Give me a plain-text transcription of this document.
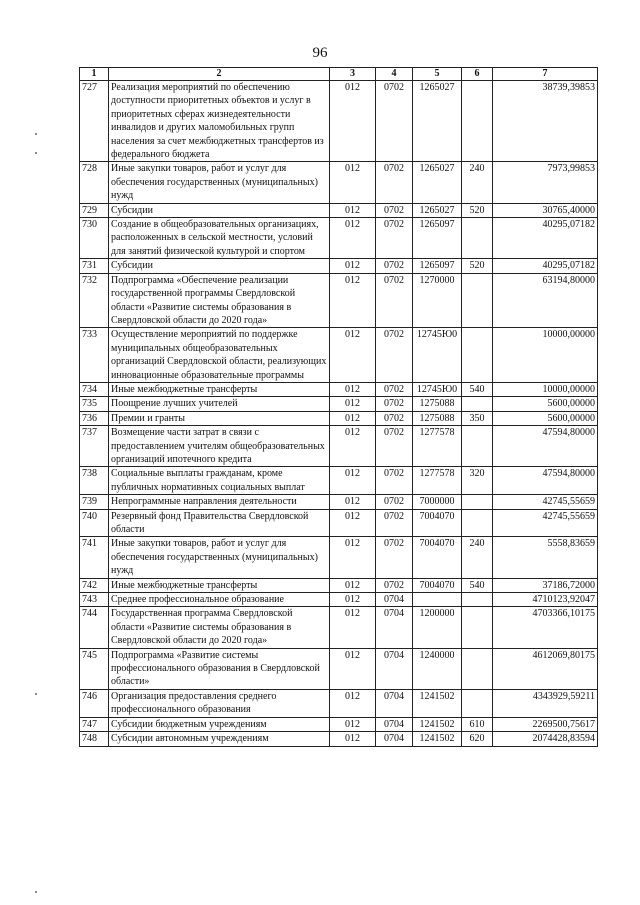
96
1	2	3	4	5	6	7
727	Реализация мероприятий по обеспечению доступности приоритетных объектов и услуг в приоритетных сферах жизнедеятельности инвалидов и других маломобильных групп населения за счет межбюджетных трансфертов из федерального бюджета	012	0702	1265027		38739,39853
728	Иные закупки товаров, работ и услуг для обеспечения государственных (муниципальных) нужд	012	0702	1265027	240	7973,99853
729	Субсидии	012	0702	1265027	520	30765,40000
730	Создание в общеобразовательных организациях, расположенных в сельской местности, условий для занятий физической культурой и спортом	012	0702	1265097		40295,07182
731	Субсидии	012	0702	1265097	520	40295,07182
732	Подпрограмма «Обеспечение реализации государственной программы Свердловской области «Развитие системы образования в Свердловской области до 2020 года»	012	0702	1270000		63194,80000
733	Осуществление мероприятий по поддержке муниципальных общеобразовательных организаций Свердловской области, реализующих инновационные образовательные программы	012	0702	12745Ю0		10000,00000
734	Иные межбюджетные трансферты	012	0702	12745Ю0	540	10000,00000
735	Поощрение лучших учителей	012	0702	1275088		5600,00000
736	Премии и гранты	012	0702	1275088	350	5600,00000
737	Возмещение части затрат в связи с предоставлением учителям общеобразовательных организаций ипотечного кредита	012	0702	1277578		47594,80000
738	Социальные выплаты гражданам, кроме публичных нормативных социальных выплат	012	0702	1277578	320	47594,80000
739	Непрограммные направления деятельности	012	0702	7000000		42745,55659
740	Резервный фонд Правительства Свердловской области	012	0702	7004070		42745,55659
741	Иные закупки товаров, работ и услуг для обеспечения государственных (муниципальных) нужд	012	0702	7004070	240	5558,83659
742	Иные межбюджетные трансферты	012	0702	7004070	540	37186,72000
743	Среднее профессиональное образование	012	0704			4710123,92047
744	Государственная программа Свердловской области «Развитие системы образования в Свердловской области до 2020 года»	012	0704	1200000		4703366,10175
745	Подпрограмма «Развитие системы профессионального образования в Свердловской области»	012	0704	1240000		4612069,80175
746	Организация предоставления среднего профессионального образования	012	0704	1241502		4343929,59211
747	Субсидии бюджетным учреждениям	012	0704	1241502	610	2269500,75617
748	Субсидии автономным учреждениям	012	0704	1241502	620	2074428,83594
